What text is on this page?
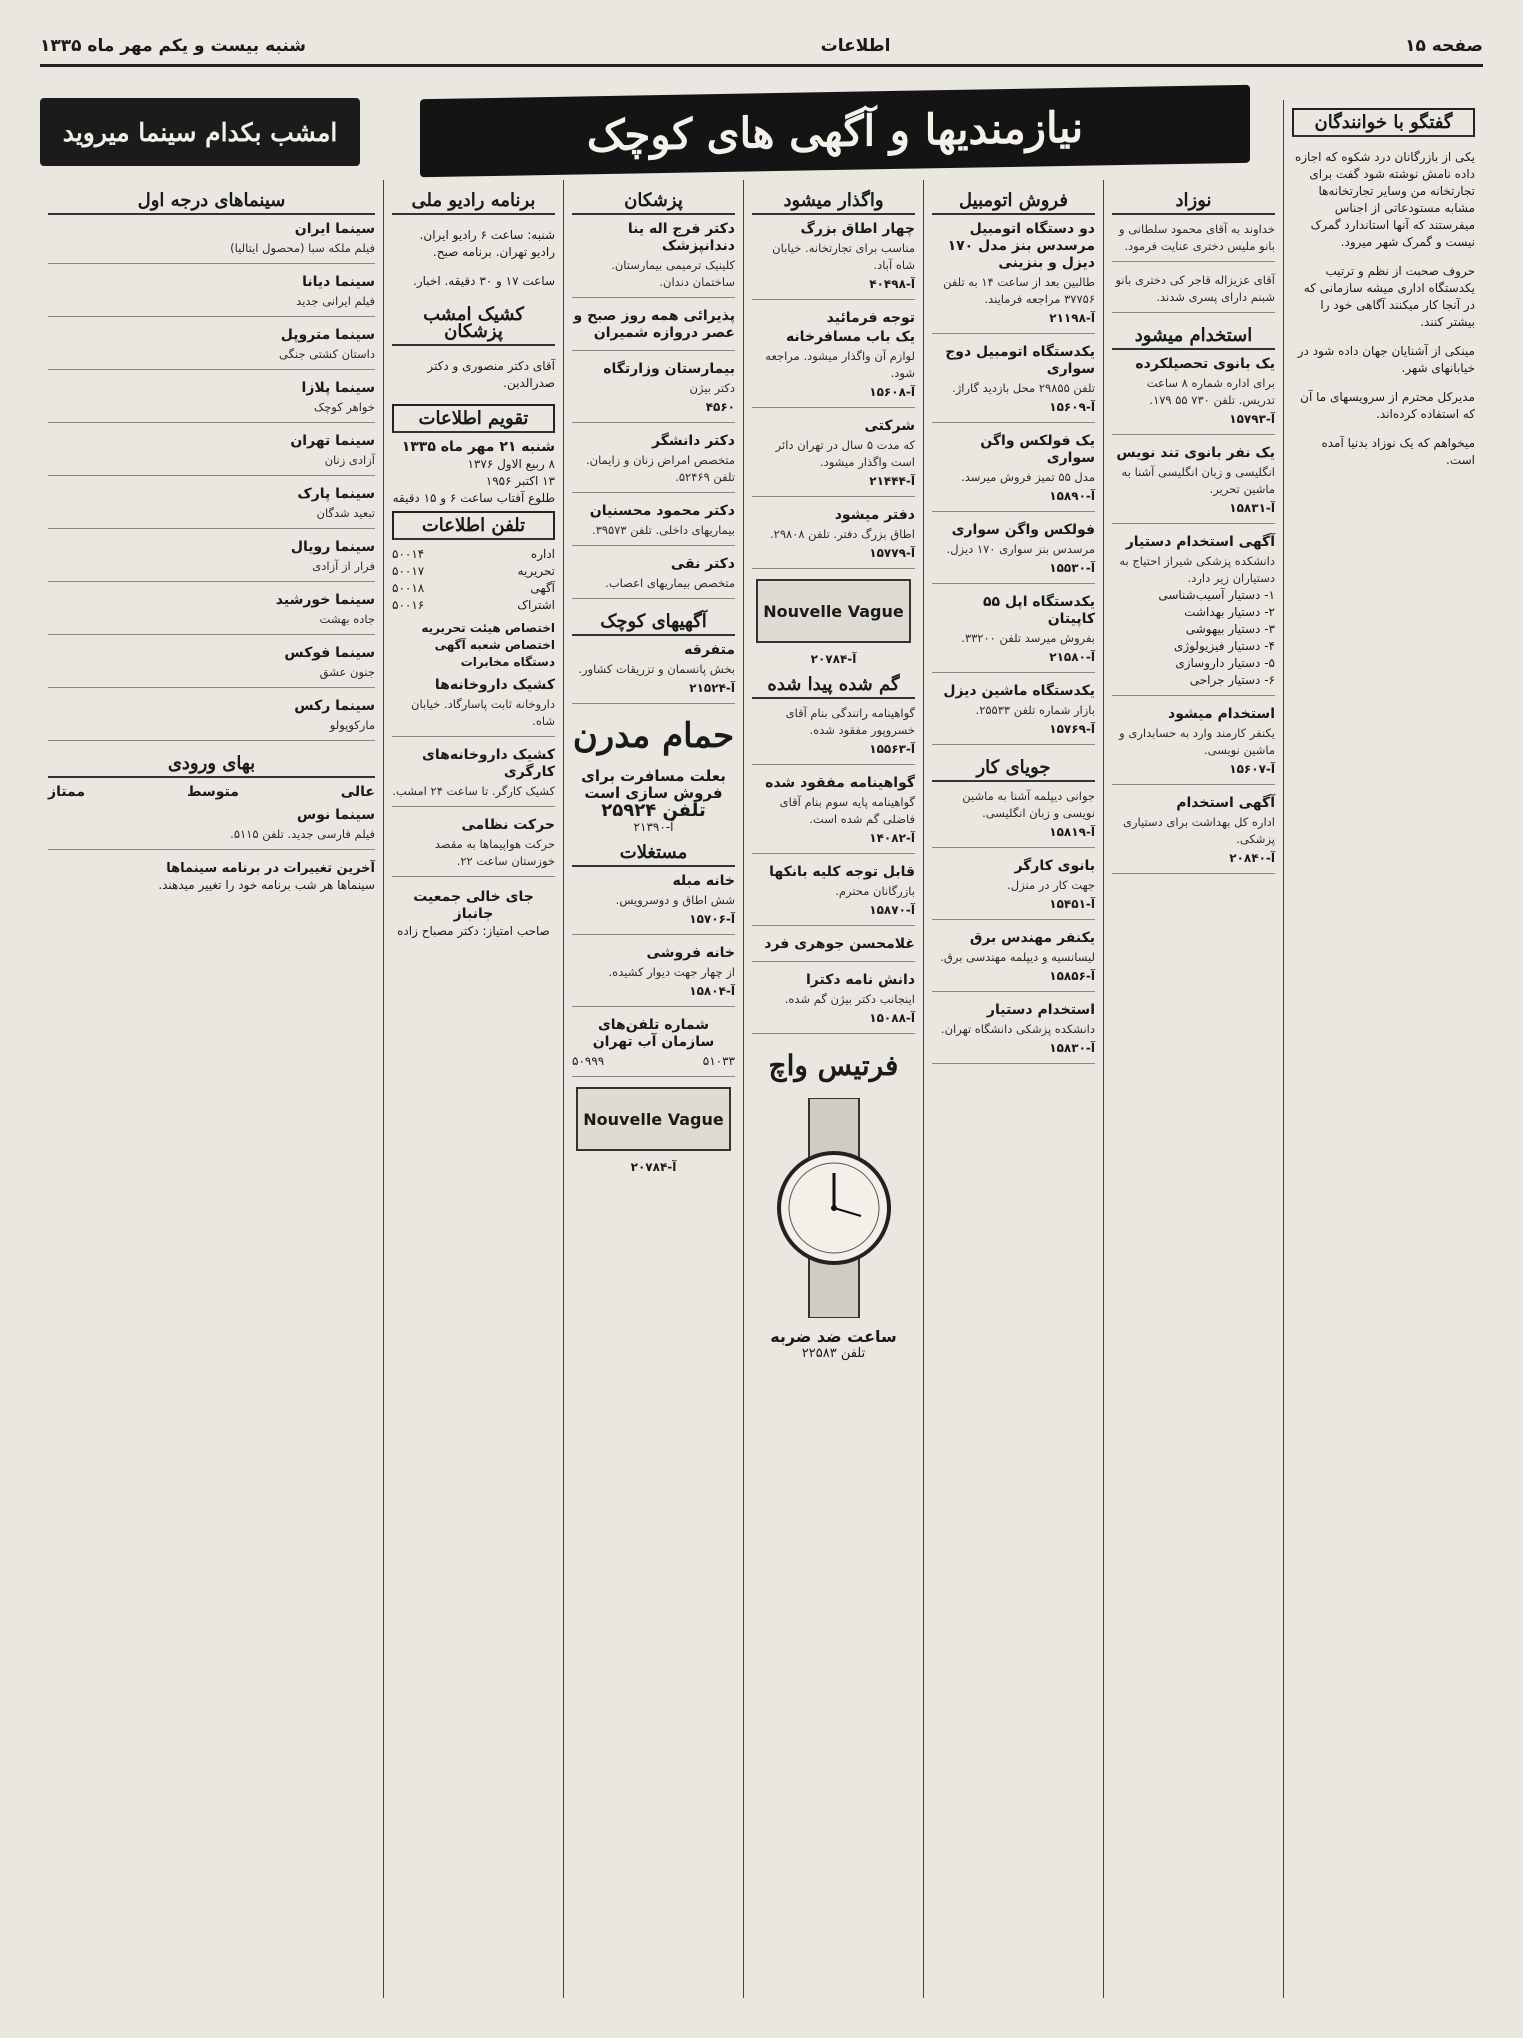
صفحه ۱۵
اطلاعات
شنبه بیست و یکم مهر ماه ۱۳۳۵
نیازمندیها و آگهی های کوچک
امشب بکدام سینما میروید	گفتگو با خوانندگان

یکی از بازرگانان درد شکوه که اجازه داده نامش نوشته شود گفت برای تجارتخانه من وسایر تجارتخانه‌ها مشابه مستودعاتی از اجناس میفرستند که آنها استاندارد گمرک نیست و گمرک شهر میرود.

حروف صحبت از نظم و ترتیب یکدستگاه اداری میشه سازمانی که در آنجا کار میکنند آگاهی خود را بیشتر کنند.

مینکی از آشنایان جهان داده شود در خیابانهای شهر.

مدیرکل محترم از سرویسهای ما آن که استفاده کرده‌اند.

میخواهم که یک نوزاد بدنیا آمده است.

نوزاد
خداوند به آقای محمود سلطانی و بانو ملیس دختری عنایت فرمود.
آقای عزیزاله قاجر کی دختری بانو شبنم دارای پسری شدند.
استخدام میشود
یک بانوی تحصیلکرده
برای اداره شماره ۸ ساعت تدریس. تلفن ۷۳۰ ۵۵ ۱۷۹.
آ-۱۵۷۹۳
یک نفر بانوی تند نویس
انگلیسی و زبان انگلیسی آشنا به ماشین تحریر.
آ-۱۵۸۳۱
آگهی استخدام دستیار
دانشکده پزشکی شیراز احتیاج به دستیاران زیر دارد.
۱- دستیار آسیب‌شناسی
۲- دستیار بهداشت
۳- دستیار بیهوشی
۴- دستیار فیزیولوژی
۵- دستیار داروسازی
۶- دستیار جراحی
استخدام میشود
یکنفر کارمند وارد به حسابداری و ماشین نویسی.
آ-۱۵۶۰۷
آگهی استخدام
اداره کل بهداشت برای دستیاری پزشکی.
آ-۲۰۸۴۰
فروش اتومبیل
دو دستگاه اتومبیل مرسدس بنز مدل ۱۷۰ دیزل و بنزینی
طالبین بعد از ساعت ۱۴ به تلفن ۳۷۷۵۶ مراجعه فرمایند.
آ-۲۱۱۹۸
یکدستگاه اتومبیل دوج سواری
تلفن ۲۹۸۵۵ محل بازدید گاراژ.
آ-۱۵۶۰۹
یک فولکس واگن سواری
مدل ۵۵ تمیز فروش میرسد.
آ-۱۵۸۹۰
فولکس واگن سواری
مرسدس بنز سواری ۱۷۰ دیزل.
آ-۱۵۵۳۰
یکدستگاه اپل ۵۵ کاپیتان
بفروش میرسد تلفن ۳۳۲۰۰.
آ-۲۱۵۸۰
یکدستگاه ماشین دیزل
بازار شماره تلفن ۲۵۵۳۳.
آ-۱۵۷۶۹
جویای کار
جوانی دیپلمه آشنا به ماشین نویسی و زبان انگلیسی.
آ-۱۵۸۱۹
بانوی کارگر
جهت کار در منزل.
آ-۱۵۴۵۱
یکنفر مهندس برق
لیسانسیه و دیپلمه مهندسی برق.
آ-۱۵۸۵۶
استخدام دستیار
دانشکده پزشکی دانشگاه تهران.
آ-۱۵۸۳۰
واگذار میشود
چهار اطاق بزرگ
مناسب برای تجارتخانه. خیابان شاه آباد.
آ-۴۰۴۹۸
توجه فرمائید
یک باب مسافرخانه
لوازم آن واگذار میشود. مراجعه شود.
آ-۱۵۶۰۸
شرکتی
که مدت ۵ سال در تهران دائر است واگذار میشود.
آ-۲۱۴۴۴
دفتر میشود
اطاق بزرگ دفتر. تلفن ۲۹۸۰۸.
آ-۱۵۷۷۹
Nouvelle Vague
آ-۲۰۷۸۴
گم شده پیدا شده
گواهینامه رانندگی بنام آقای خسروپور مفقود شده.
آ-۱۵۵۶۳
گواهینامه مفقود شده
گواهینامه پایه سوم بنام آقای فاضلی گم شده است.
آ-۱۴۰۸۲
قابل توجه کلیه بانکها
بازرگانان محترم.
آ-۱۵۸۷۰
غلامحسن جوهری فرد
دانش نامه دکترا
اینجانب دکتر بیژن گم شده.
آ-۱۵۰۸۸
فرتیس واچ
ساعت ضد ضربه
تلفن ۲۲۵۸۳
پزشکان
دکتر فرج اله ینا دندانپزشک
کلینیک ترمیمی بیمارستان. ساختمان دندان.
پذیرائی همه روز صبح و عصر دروازه شمیران
بیمارستان وزارتگاه
دکتر بیژن
۴۵۶۰
دکتر دانشگر
متخصص امراض زنان و زایمان. تلفن ۵۲۴۶۹.
دکتر محمود محسنیان
بیماریهای داخلی. تلفن ۳۹۵۷۳.
دکتر نقی
متخصص بیماریهای اعصاب.
آگهیهای کوچک
متفرقه
بخش پانسمان و تزریقات کشاور.
آ-۲۱۵۲۴
حمام مدرن
بعلت مسافرت برای فروش سازی است
تلفن ۲۵۹۲۴
آ-۲۱۳۹۰
مستغلات
خانه مبله
شش اطاق و دوسرویس.
آ-۱۵۷۰۶
خانه فروشی
از چهار جهت دیوار کشیده.
آ-۱۵۸۰۴
شماره تلفن‌های سازمان آب تهران
۵۱۰۳۳
۵۰۹۹۹
Nouvelle Vague
آ-۲۰۷۸۴
برنامه رادیو ملی

شنبه: ساعت ۶ رادیو ایران. رادیو تهران. برنامه صبح.

ساعت ۱۷ و ۳۰ دقیقه. اخبار.

کشیک امشب پزشکان

آقای دکتر منصوری و دکتر صدرالدین.

تقویم اطلاعات
شنبه ۲۱ مهر ماه ۱۳۳۵
۸ ربیع الاول ۱۳۷۶
۱۳ اکتبر ۱۹۵۶
طلوع آفتاب ساعت ۶ و ۱۵ دقیقه
تلفن اطلاعات
اداره
۵۰۰۱۴
تحریریه
۵۰۰۱۷
آگهی
۵۰۰۱۸
اشتراک
۵۰۰۱۶
اختصاص هیئت تحریریه
اختصاص شعبه آگهی
دستگاه مخابرات
کشیک داروخانه‌ها
داروخانه ثابت پاسارگاد. خیابان شاه.
کشیک داروخانه‌های کارگری
کشیک کارگر. تا ساعت ۲۴ امشب.
حرکت نظامی
حرکت هواپیماها به مقصد خوزستان ساعت ۲۲.
جای خالی جمعیت جانباز
صاحب امتیاز: دکتر مصباح زاده
سینماهای درجه اول
سینما ایران
فیلم ملکه سبا (محصول ایتالیا)
سینما دیانا
فیلم ایرانی جدید
سینما متروپل
داستان کشتی جنگی
سینما پلازا
خواهر کوچک
سینما تهران
آزادی زنان
سینما پارک
تبعید شدگان
سینما رویال
فرار از آزادی
سینما خورشید
جاده بهشت
سینما فوکس
جنون عشق
سینما رکس
مارکوپولو
بهای ورودی
عالی
متوسط
ممتاز
سینما نوس
فیلم فارسی جدید. تلفن ۵۱۱۵.
آخرین تغییرات در برنامه سینماها
سینماها هر شب برنامه خود را تغییر میدهند.
